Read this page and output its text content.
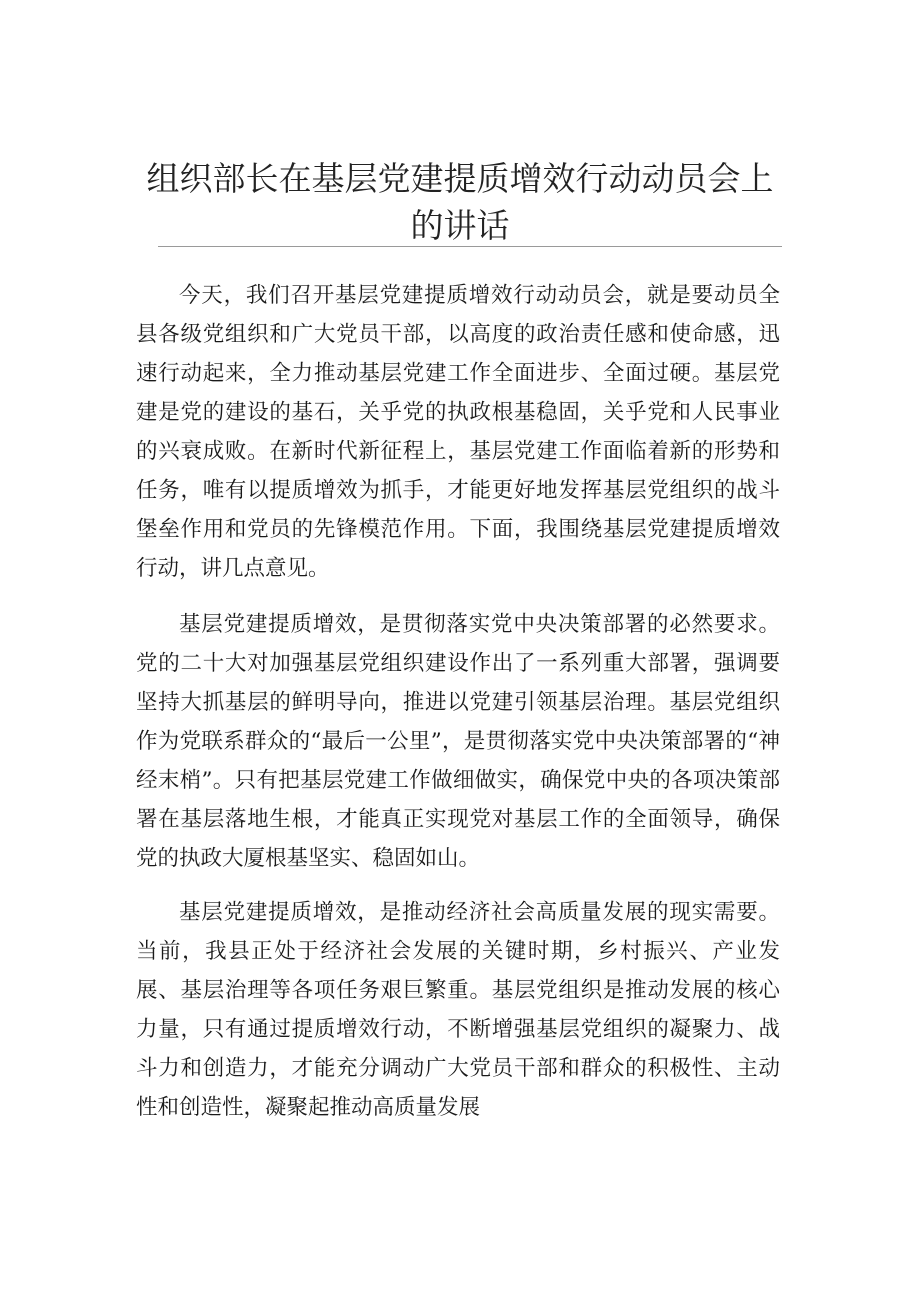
组织部长在基层党建提质增效行动动员会上的讲话

今天，我们召开基层党建提质增效行动动员会，就是要动员全县各级党组织和广大党员干部，以高度的政治责任感和使命感，迅速行动起来，全力推动基层党建工作全面进步、全面过硬。基层党建是党的建设的基石，关乎党的执政根基稳固，关乎党和人民事业的兴衰成败。在新时代新征程上，基层党建工作面临着新的形势和任务，唯有以提质增效为抓手，才能更好地发挥基层党组织的战斗堡垒作用和党员的先锋模范作用。下面，我围绕基层党建提质增效行动，讲几点意见。

基层党建提质增效，是贯彻落实党中央决策部署的必然要求。党的二十大对加强基层党组织建设作出了一系列重大部署，强调要坚持大抓基层的鲜明导向，推进以党建引领基层治理。基层党组织作为党联系群众的“最后一公里”，是贯彻落实党中央决策部署的“神经末梢”。只有把基层党建工作做细做实，确保党中央的各项决策部署在基层落地生根，才能真正实现党对基层工作的全面领导，确保党的执政大厦根基坚实、稳固如山。

基层党建提质增效，是推动经济社会高质量发展的现实需要。当前，我县正处于经济社会发展的关键时期，乡村振兴、产业发展、基层治理等各项任务艰巨繁重。基层党组织是推动发展的核心力量，只有通过提质增效行动，不断增强基层党组织的凝聚力、战斗力和创造力，才能充分调动广大党员干部和群众的积极性、主动性和创造性，凝聚起推动高质量发展
